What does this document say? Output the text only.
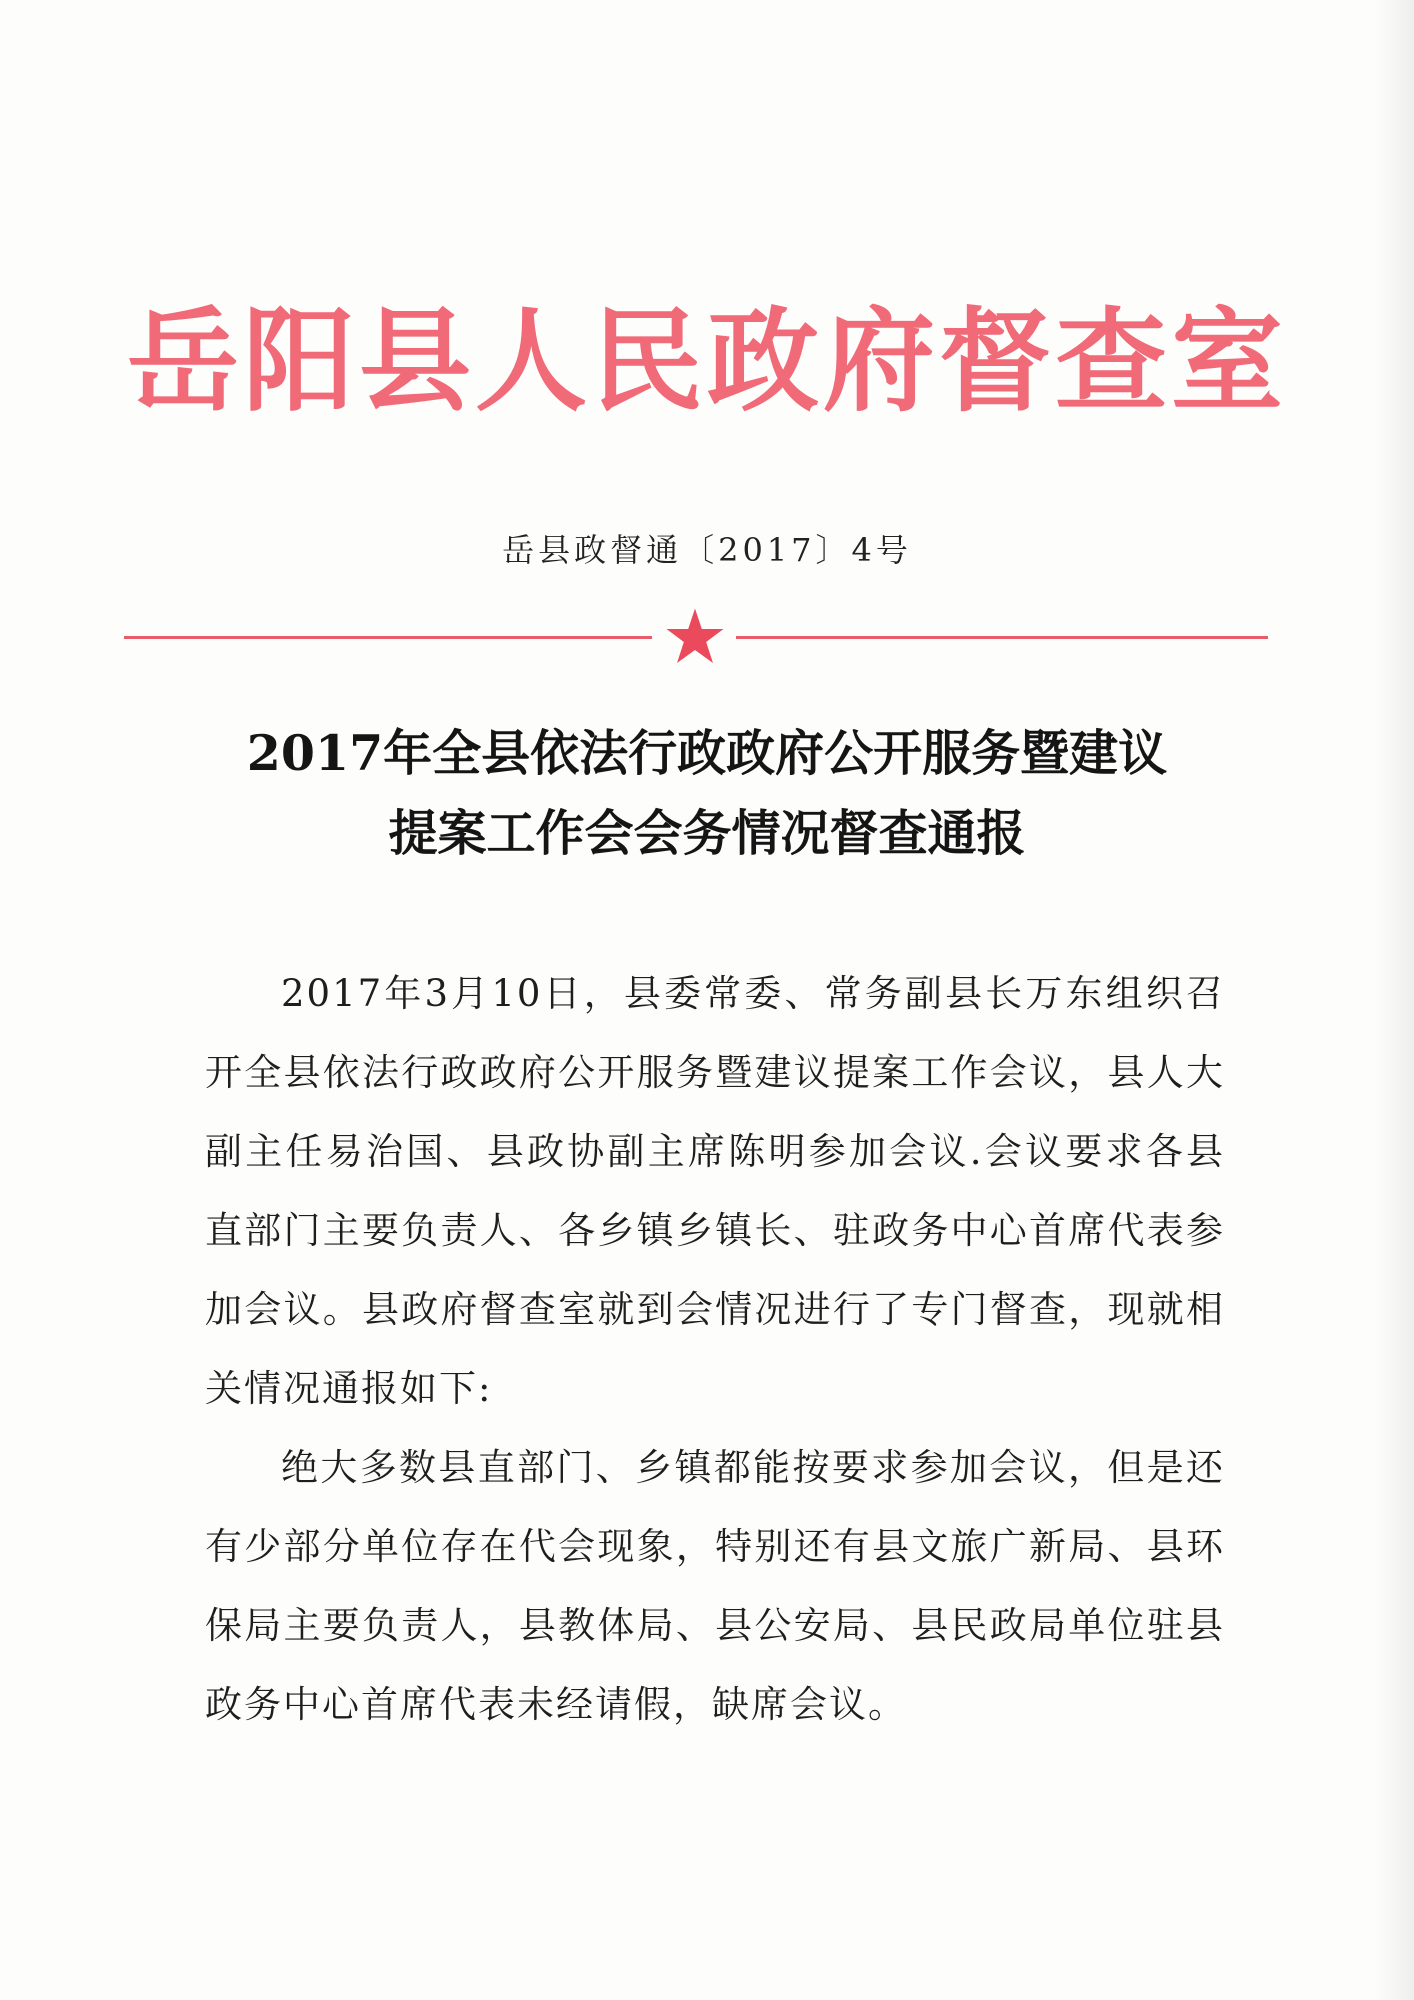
岳阳县人民政府督查室
岳县政督通〔2017〕4号
2017年全县依法行政政府公开服务暨建议
提案工作会会务情况督查通报

2017年3月10日，县委常委、常务副县长万东组织召开全县依法行政政府公开服务暨建议提案工作会议，县人大副主任易治国、县政协副主席陈明参加会议.会议要求各县直部门主要负责人、各乡镇乡镇长、驻政务中心首席代表参加会议。县政府督查室就到会情况进行了专门督查，现就相关情况通报如下:

绝大多数县直部门、乡镇都能按要求参加会议，但是还有少部分单位存在代会现象，特别还有县文旅广新局、县环保局主要负责人，县教体局、县公安局、县民政局单位驻县政务中心首席代表未经请假，缺席会议。
